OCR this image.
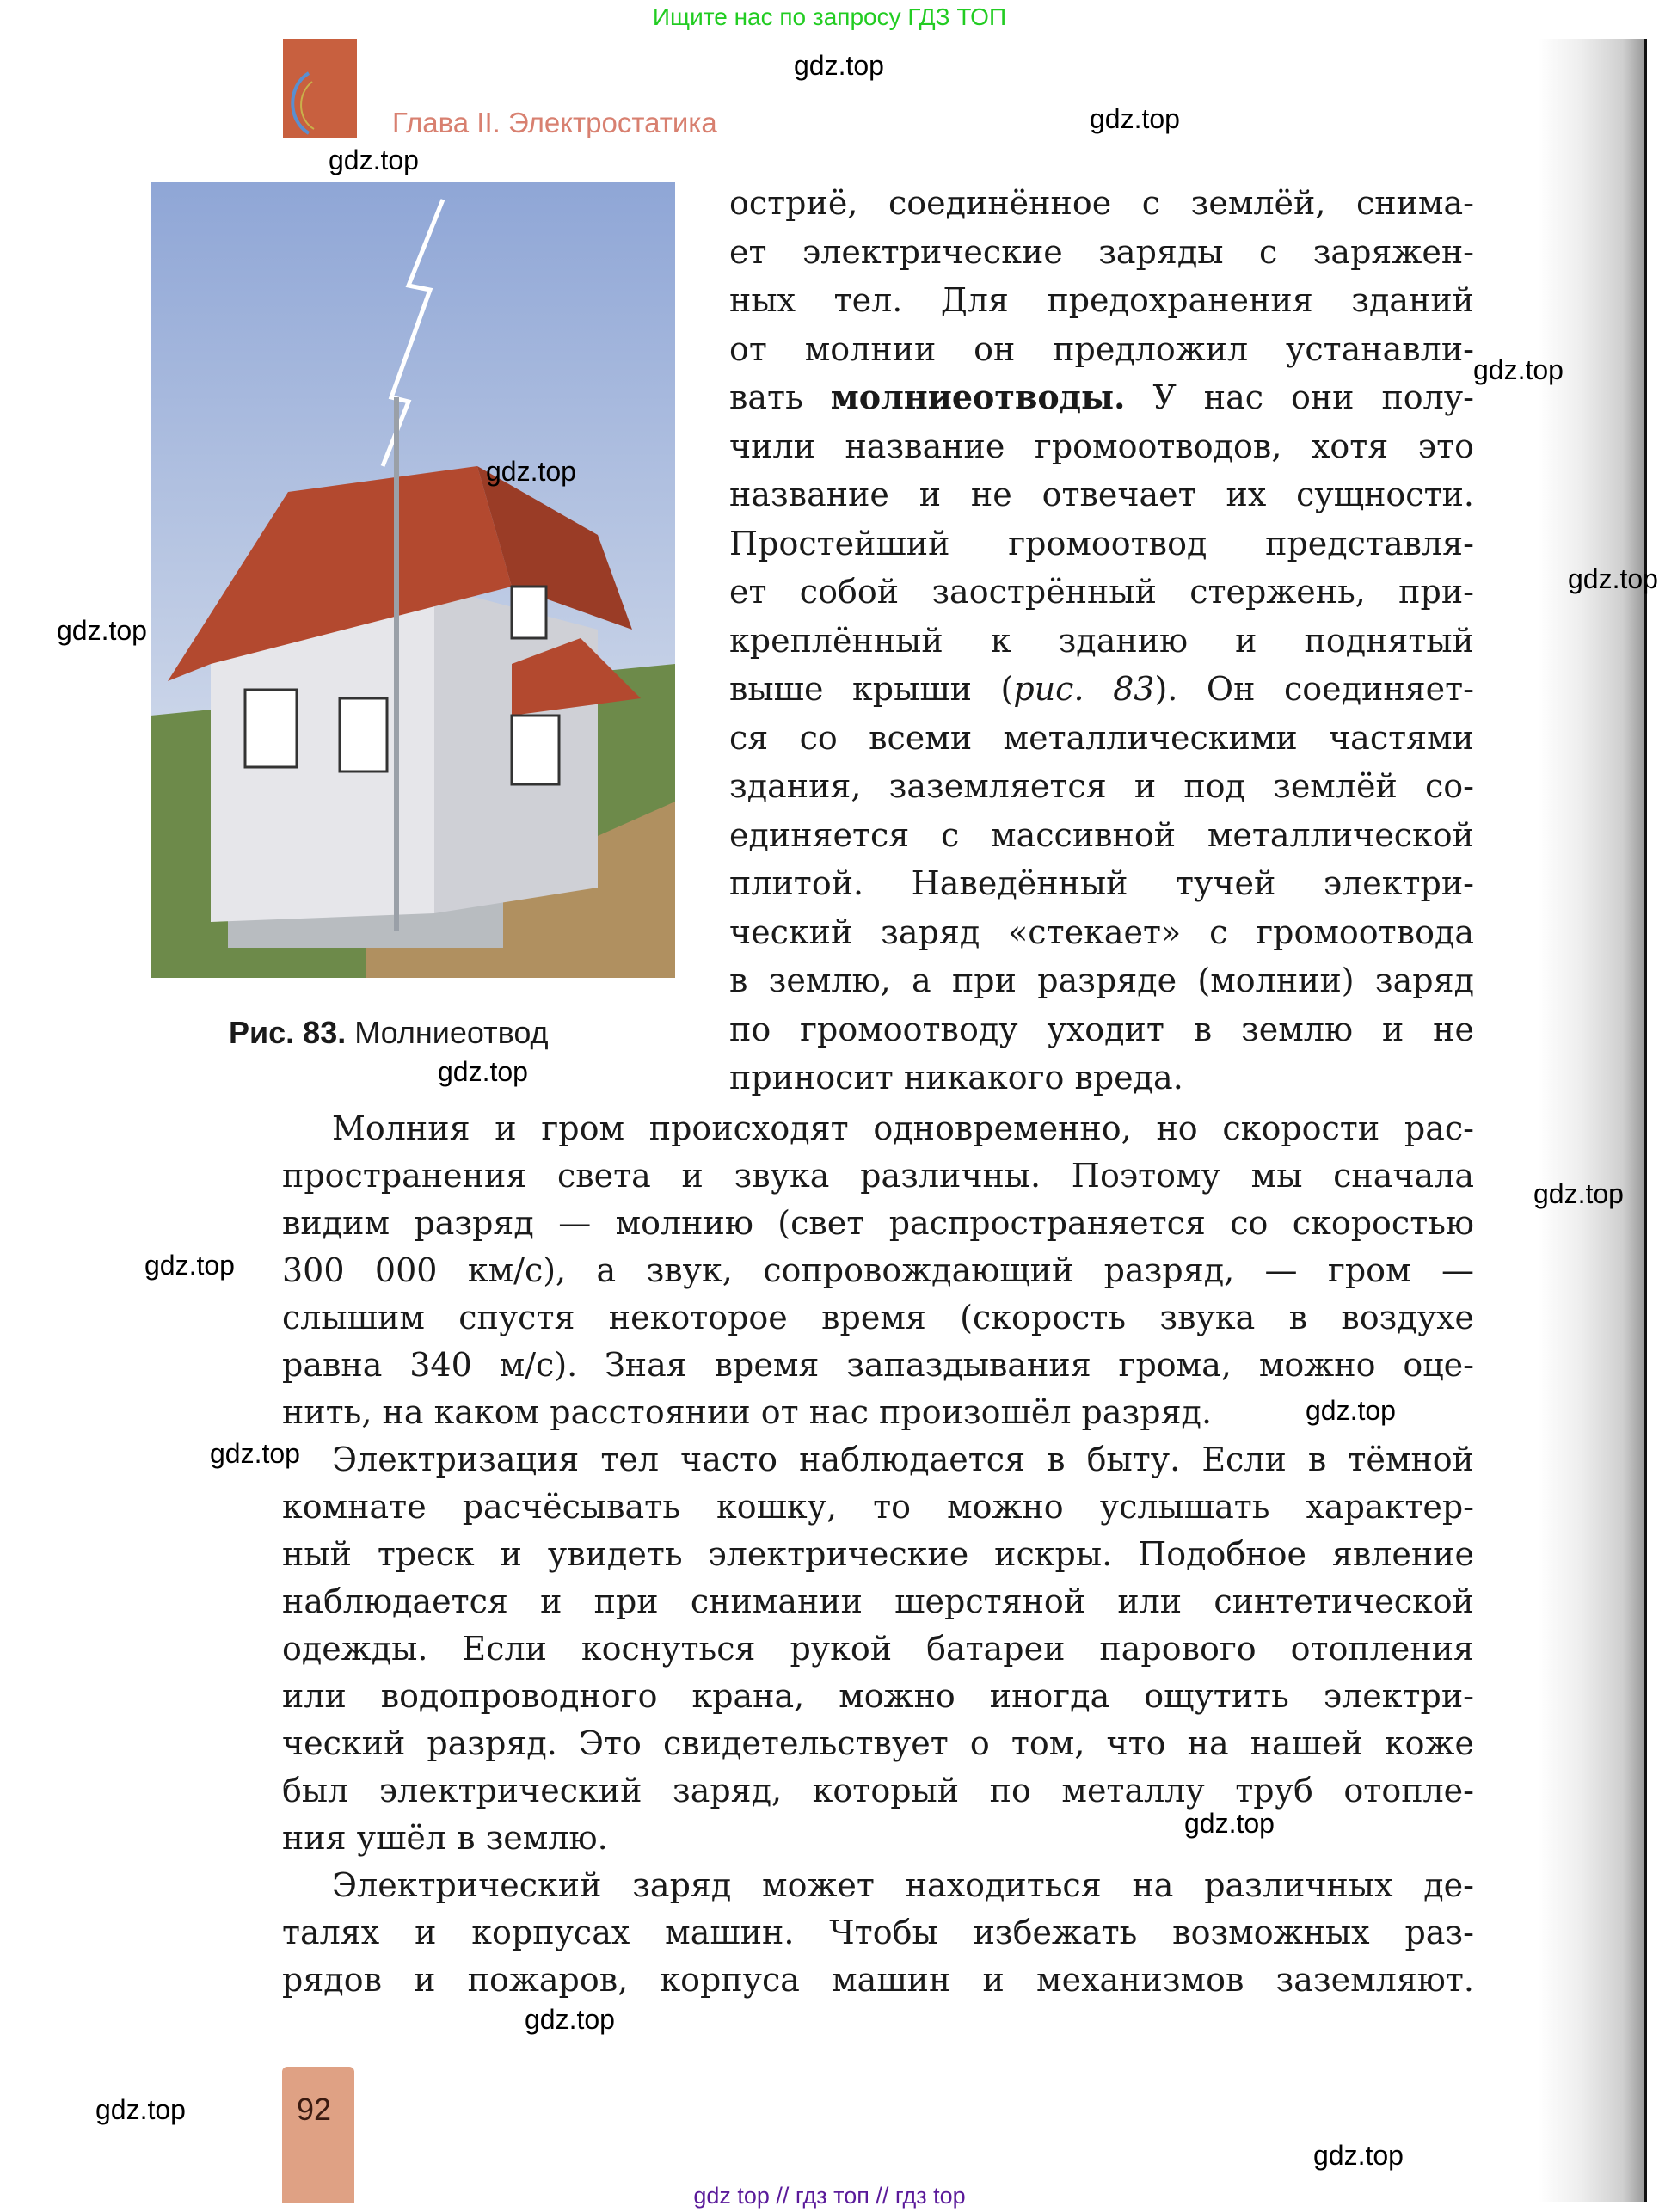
Ищите нас по запросу ГДЗ ТОП
Глава II. Электростатика
Рис. 83. Молниеотвод
остриё, соединённое с землёй, снима-
ет электрические заряды с заряжен-
ных тел. Для предохранения зданий
от молнии он предложил устанавли-
вать молниеотводы. У нас они полу-
чили название громоотводов, хотя это
название и не отвечает их сущности.
Простейший громоотвод представля-
ет собой заострённый стержень, при-
креплённый к зданию и поднятый
выше крыши (рис. 83). Он соединяет-
ся со всеми металлическими частями
здания, заземляется и под землёй со-
единяется с массивной металлической
плитой. Наведённый тучей электри-
ческий заряд «стекает» с громоотвода
в землю, а при разряде (молнии) заряд
по громоотводу уходит в землю и не
приносит никакого вреда.
Молния и гром происходят одновременно, но скорости рас-
пространения света и звука различны. Поэтому мы сначала
видим разряд — молнию (свет распространяется со скоростью
300 000 км/с), а звук, сопровождающий разряд, — гром —
слышим спустя некоторое время (скорость звука в воздухе
равна 340 м/с). Зная время запаздывания грома, можно оце-
нить, на каком расстоянии от нас произошёл разряд.
Электризация тел часто наблюдается в быту. Если в тёмной
комнате расчёсывать кошку, то можно услышать характер-
ный треск и увидеть электрические искры. Подобное явление
наблюдается и при снимании шерстяной или синтетической
одежды. Если коснуться рукой батареи парового отопления
или водопроводного крана, можно иногда ощутить электри-
ческий разряд. Это свидетельствует о том, что на нашей коже
был электрический заряд, который по металлу труб отопле-
ния ушёл в землю.
Электрический заряд может находиться на различных де-
талях и корпусах машин. Чтобы избежать возможных раз-
рядов и пожаров, корпуса машин и механизмов заземляют.
92
gdz.top
gdz.top
gdz.top
gdz.top
gdz.top
gdz.top
gdz.top
gdz.top
gdz.top
gdz.top
gdz.top
gdz.top
gdz.top
gdz.top
gdz.top
gdz.top
gdz top // гдз топ // гдз top
